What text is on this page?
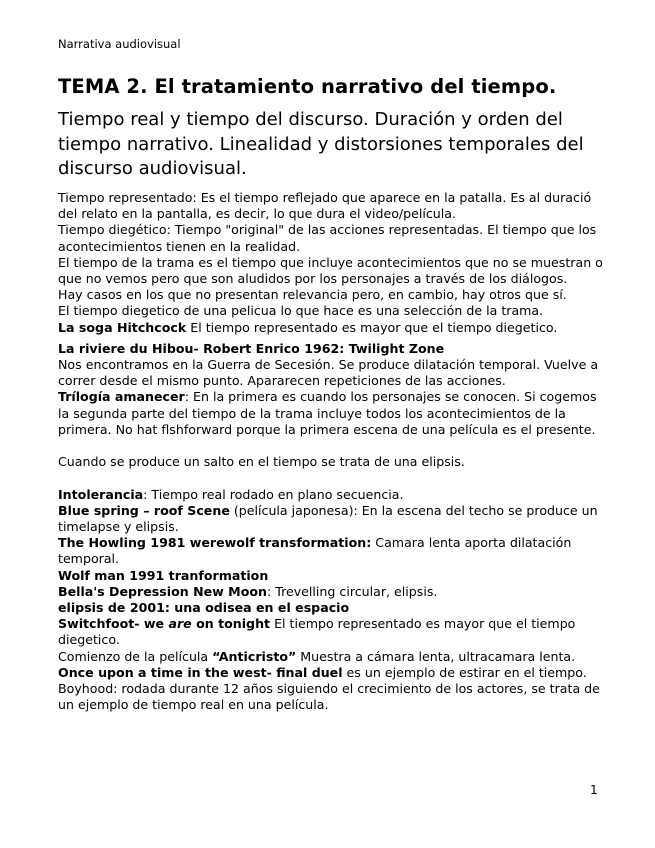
Narrativa audiovisual
TEMA 2. El tratamiento narrativo del tiempo.
Tiempo real y tiempo del discurso. Duración y orden del tiempo narrativo. Linealidad y distorsiones temporales del discurso audiovisual.

Tiempo representado: Es el tiempo reflejado que aparece en la patalla. Es al duració del relato en la pantalla, es decir, lo que dura el video/película.

Tiempo diegético: Tiempo "original" de las acciones representadas. El tiempo que los acontecimientos tienen en la realidad.

El tiempo de la trama es el tiempo que incluye acontecimientos que no se muestran o que no vemos pero que son aludidos por los personajes a través de los diálogos.

Hay casos en los que no presentan relevancia pero, en cambio, hay otros que sí.

El tiempo diegetico de una pelicua lo que hace es una selección de la trama.

La soga Hitchcock El tiempo representado es mayor que el tiempo diegetico.

La riviere du Hibou- Robert Enrico 1962: Twilight Zone

Nos encontramos en la Guerra de Secesión. Se produce dilatación temporal. Vuelve a correr desde el mismo punto. Apararecen repeticiones de las acciones.

Trílogía amanecer: En la primera es cuando los personajes se conocen. Si cogemos la segunda parte del tiempo de la trama incluye todos los acontecimientos de la primera. No hat flshforward porque la primera escena de una película es el presente.

Cuando se produce un salto en el tiempo se trata de una elipsis.

Intolerancia: Tiempo real rodado en plano secuencia.

Blue spring – roof Scene (película japonesa): En la escena del techo se produce un timelapse y elipsis.

The Howling 1981 werewolf transformation: Camara lenta aporta dilatación temporal.

Wolf man 1991 tranformation

Bella's Depression New Moon: Trevelling circular, elipsis.

elipsis de 2001: una odisea en el espacio

Switchfoot- we are on tonight El tiempo representado es mayor que el tiempo diegetico.

Comienzo de la película “Anticristo” Muestra a cámara lenta, ultracamara lenta.

Once upon a time in the west- final duel es un ejemplo de estirar en el tiempo.

Boyhood: rodada durante 12 años siguiendo el crecimiento de los actores, se trata de un ejemplo de tiempo real en una película.

1
